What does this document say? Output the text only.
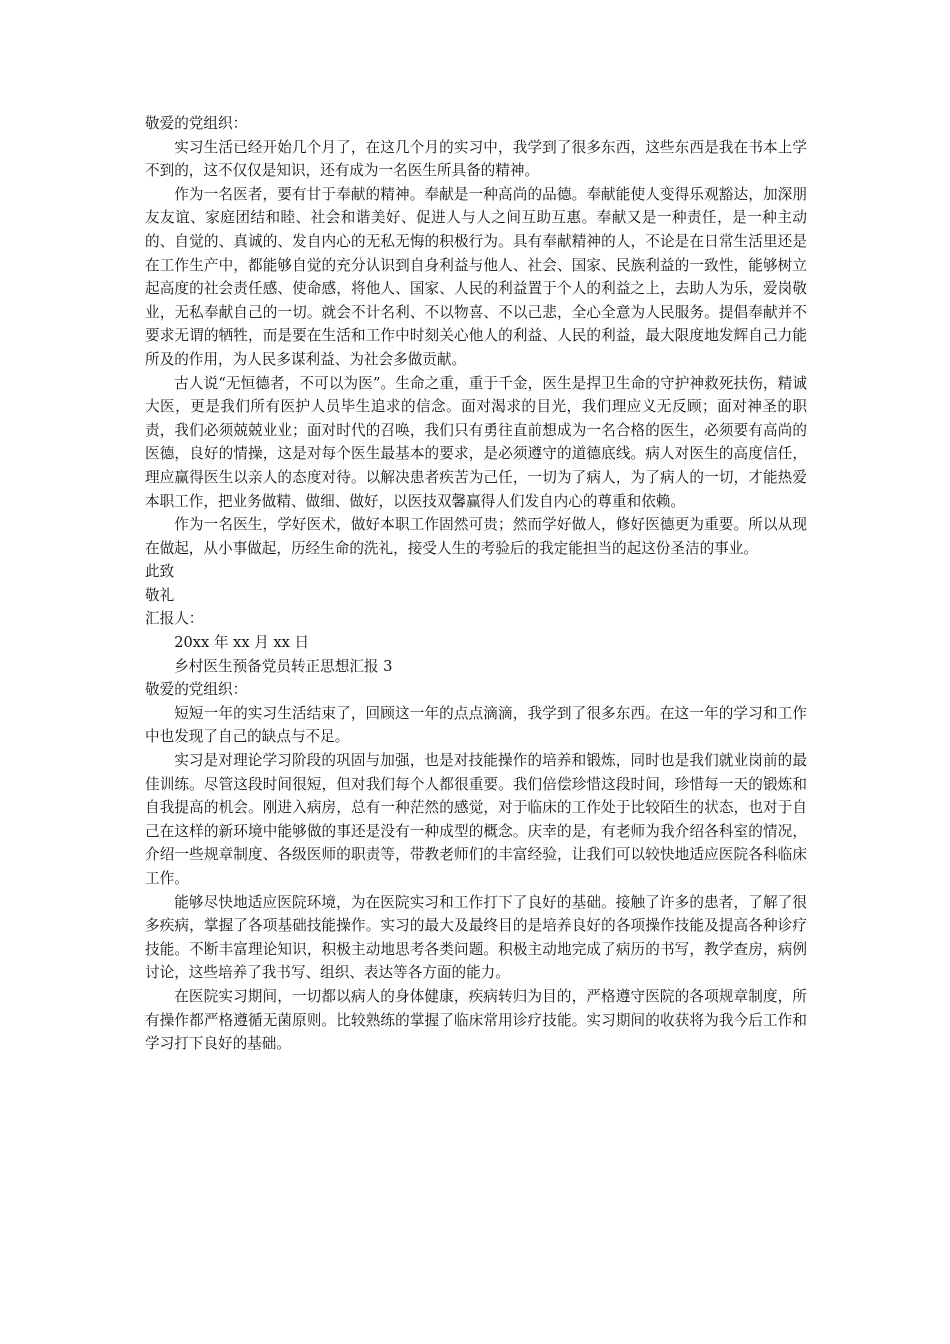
敬爱的党组织：

实习生活已经开始几个月了，在这几个月的实习中，我学到了很多东西，这些东西是我在书本上学不到的，这不仅仅是知识，还有成为一名医生所具备的精神。

作为一名医者，要有甘于奉献的精神。奉献是一种高尚的品德。奉献能使人变得乐观豁达，加深朋友友谊、家庭团结和睦、社会和谐美好、促进人与人之间互助互惠。奉献又是一种责任，是一种主动的、自觉的、真诚的、发自内心的无私无悔的积极行为。具有奉献精神的人，不论是在日常生活里还是在工作生产中，都能够自觉的充分认识到自身利益与他人、社会、国家、民族利益的一致性，能够树立起高度的社会责任感、使命感，将他人、国家、人民的利益置于个人的利益之上，去助人为乐，爱岗敬业，无私奉献自己的一切。就会不计名利、不以物喜、不以己悲，全心全意为人民服务。提倡奉献并不要求无谓的牺牲，而是要在生活和工作中时刻关心他人的利益、人民的利益，最大限度地发辉自己力能所及的作用，为人民多谋利益、为社会多做贡献。

古人说“无恒德者，不可以为医”。生命之重，重于千金，医生是捍卫生命的守护神救死扶伤，精诚大医，更是我们所有医护人员毕生追求的信念。面对渴求的目光，我们理应义无反顾；面对神圣的职责，我们必须兢兢业业；面对时代的召唤，我们只有勇往直前想成为一名合格的医生，必须要有高尚的医德，良好的情操，这是对每个医生最基本的要求，是必须遵守的道德底线。病人对医生的高度信任，理应赢得医生以亲人的态度对待。以解决患者疾苦为己任，一切为了病人，为了病人的一切，才能热爱本职工作，把业务做精、做细、做好，以医技双馨赢得人们发自内心的尊重和依赖。

作为一名医生，学好医术，做好本职工作固然可贵；然而学好做人，修好医德更为重要。所以从现在做起，从小事做起，历经生命的洗礼，接受人生的考验后的我定能担当的起这份圣洁的事业。

此致

敬礼

汇报人：

20xx 年 xx 月 xx 日

乡村医生预备党员转正思想汇报 3

敬爱的党组织：

短短一年的实习生活结束了，回顾这一年的点点滴滴，我学到了很多东西。在这一年的学习和工作中也发现了自己的缺点与不足。

实习是对理论学习阶段的巩固与加强，也是对技能操作的培养和锻炼，同时也是我们就业岗前的最佳训练。尽管这段时间很短，但对我们每个人都很重要。我们倍偿珍惜这段时间，珍惜每一天的锻炼和自我提高的机会。刚进入病房，总有一种茫然的感觉，对于临床的工作处于比较陌生的状态，也对于自己在这样的新环境中能够做的事还是没有一种成型的概念。庆幸的是，有老师为我介绍各科室的情况，介绍一些规章制度、各级医师的职责等，带教老师们的丰富经验，让我们可以较快地适应医院各科临床工作。

能够尽快地适应医院环境，为在医院实习和工作打下了良好的基础。接触了许多的患者，了解了很多疾病，掌握了各项基础技能操作。实习的最大及最终目的是培养良好的各项操作技能及提高各种诊疗技能。不断丰富理论知识，积极主动地思考各类问题。积极主动地完成了病历的书写，教学查房，病例讨论，这些培养了我书写、组织、表达等各方面的能力。

在医院实习期间，一切都以病人的身体健康，疾病转归为目的，严格遵守医院的各项规章制度，所有操作都严格遵循无菌原则。比较熟练的掌握了临床常用诊疗技能。实习期间的收获将为我今后工作和学习打下良好的基础。
